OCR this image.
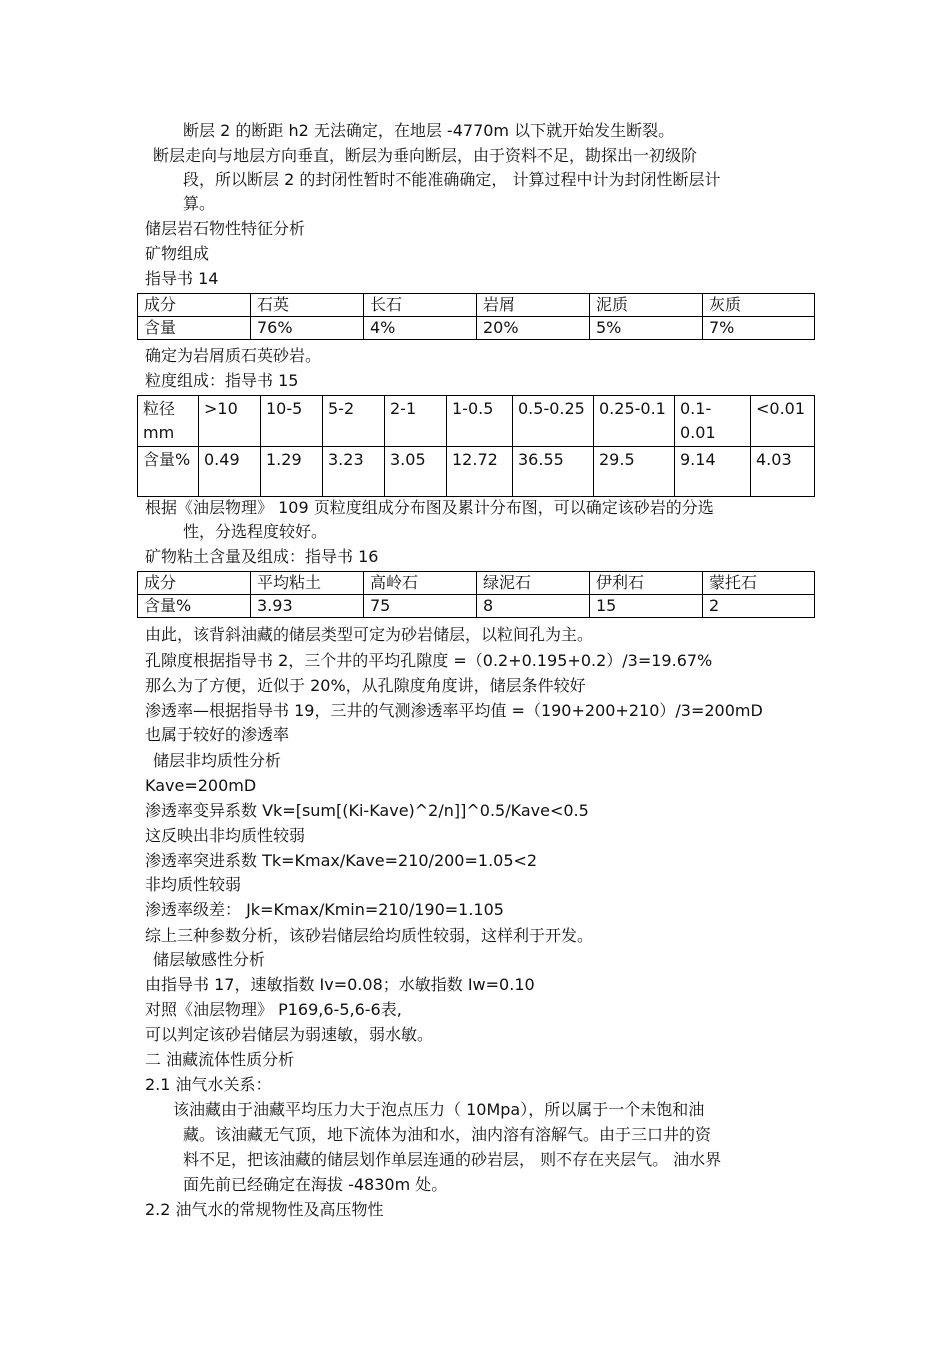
断层 2 的断距 h2 无法确定，在地层 -4770m 以下就开始发生断裂。
断层走向与地层方向垂直，断层为垂向断层，由于资料不足，勘探出一初级阶
段，所以断层 2 的封闭性暂时不能准确确定， 计算过程中计为封闭性断层计
算。
储层岩石物性特征分析
矿物组成
指导书 14
成分	石英	长石	岩屑	泥质	灰质
含量	76%	4%	20%	5%	7%
确定为岩屑质石英砂岩。
粒度组成：指导书 15
粒径 mm	>10	10-5	5-2	2-1	1-0.5	0.5-0.25	0.25-0.1	0.1-0.01	<0.01
含量%	0.49	1.29	3.23	3.05	12.72	36.55	29.5	9.14	4.03
根据《油层物理》 109 页粒度组成分布图及累计分布图，可以确定该砂岩的分选
性，分选程度较好。
矿物粘土含量及组成：指导书 16
成分	平均粘土	高岭石	绿泥石	伊利石	蒙托石
含量%	3.93	75	8	15	2
由此，该背斜油藏的储层类型可定为砂岩储层，以粒间孔为主。
孔隙度根据指导书 2，三个井的平均孔隙度 =（0.2+0.195+0.2）/3=19.67%
那么为了方便，近似于 20%，从孔隙度角度讲，储层条件较好
渗透率—根据指导书 19，三井的气测渗透率平均值 =（190+200+210）/3=200mD
也属于较好的渗透率
储层非均质性分析
Kave=200mD
渗透率变异系数 Vk=[sum[(Ki-Kave)^2/n]]^0.5/Kave<0.5
这反映出非均质性较弱
渗透率突进系数 Tk=Kmax/Kave=210/200=1.05<2
非均质性较弱
渗透率级差： Jk=Kmax/Kmin=210/190=1.105
综上三种参数分析，该砂岩储层给均质性较弱，这样利于开发。
储层敏感性分析
由指导书 17，速敏指数 Iv=0.08；水敏指数 Iw=0.10
对照《油层物理》 P169,6-5,6-6表,
可以判定该砂岩储层为弱速敏，弱水敏。
二 油藏流体性质分析
2.1 油气水关系：
该油藏由于油藏平均压力大于泡点压力（ 10Mpa），所以属于一个未饱和油
藏。该油藏无气顶，地下流体为油和水，油内溶有溶解气。由于三口井的资
料不足，把该油藏的储层划作单层连通的砂岩层， 则不存在夹层气。 油水界
面先前已经确定在海拔 -4830m 处。
2.2 油气水的常规物性及高压物性
